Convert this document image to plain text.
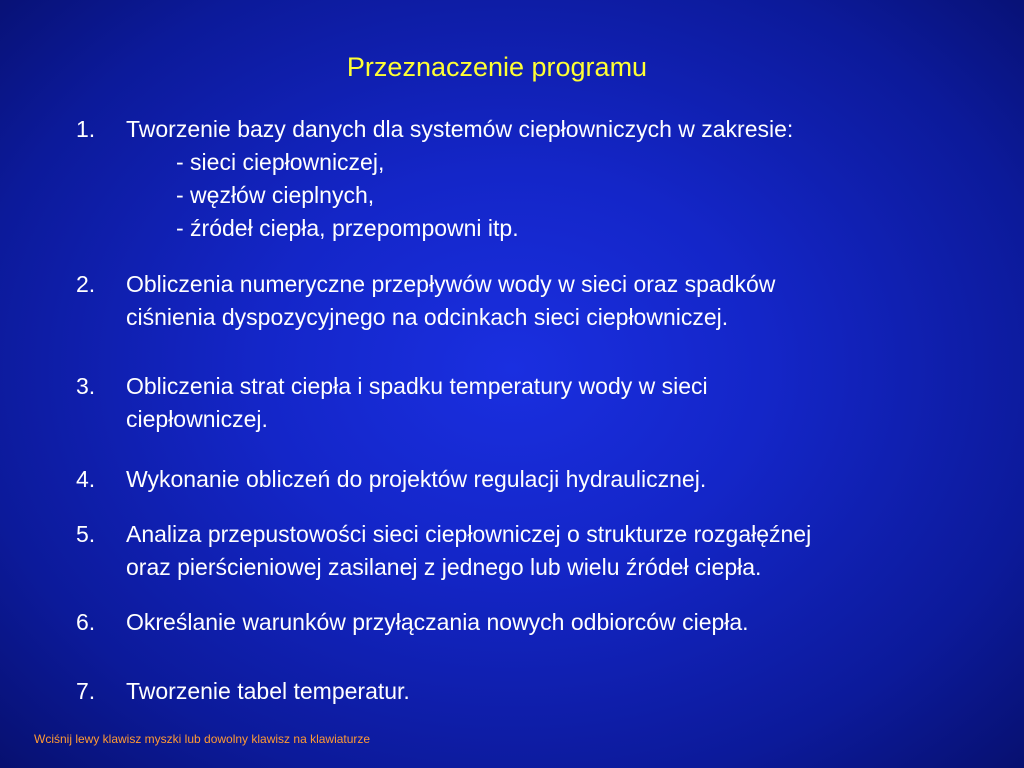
Przeznaczenie programu
1. Tworzenie bazy danych dla systemów ciepłowniczych w zakresie:
- sieci ciepłowniczej,
- węzłów cieplnych,
- źródeł ciepła, przepompowni itp.
2. Obliczenia numeryczne przepływów wody w sieci oraz spadków
ciśnienia dyspozycyjnego na odcinkach sieci ciepłowniczej.
3. Obliczenia strat ciepła i spadku temperatury wody w sieci
ciepłowniczej.
4. Wykonanie obliczeń do projektów regulacji hydraulicznej.
5. Analiza przepustowości sieci ciepłowniczej o strukturze rozgałęźnej
oraz pierścieniowej zasilanej z jednego lub wielu źródeł ciepła.
6. Określanie warunków przyłączania nowych odbiorców ciepła.
7. Tworzenie tabel temperatur.
Wciśnij lewy klawisz myszki lub dowolny klawisz na klawiaturze
